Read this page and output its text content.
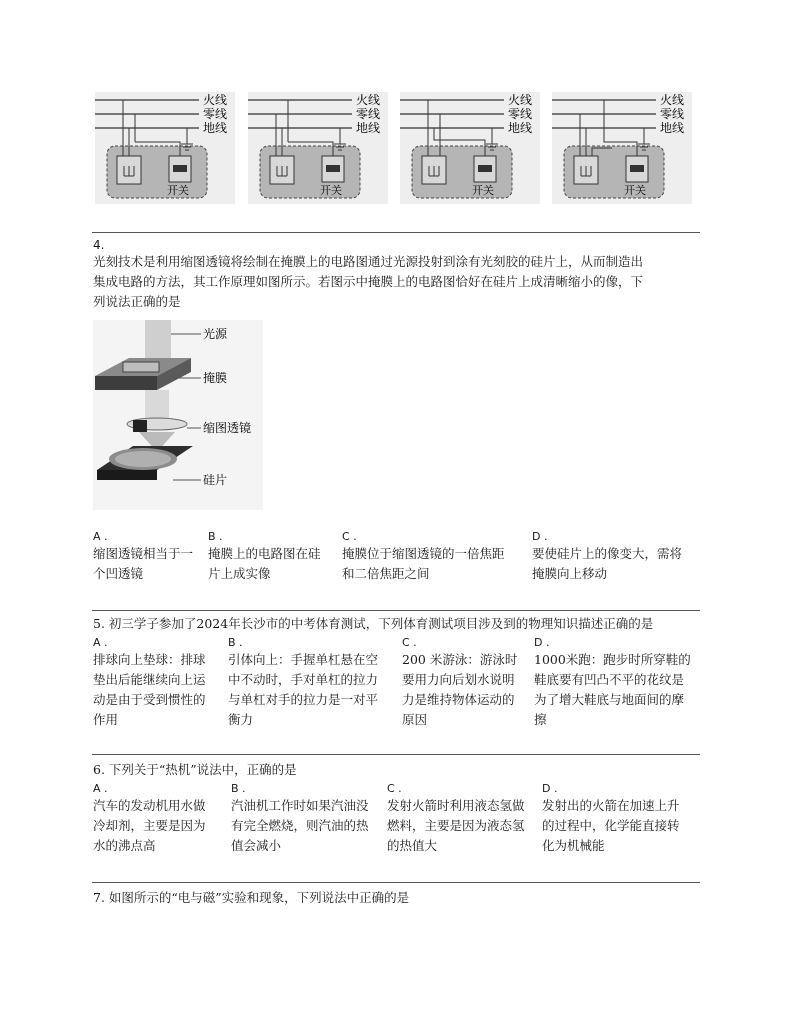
火线
零线
地线
开关
火线
零线
地线
开关
火线
零线
地线
开关
火线
零线
地线
开关
4.
光刻技术是利用缩图透镜将绘制在掩膜上的电路图通过光源投射到涂有光刻胶的硅片上，从而制造出
集成电路的方法，其工作原理如图所示。若图示中掩膜上的电路图恰好在硅片上成清晰缩小的像，下
列说法正确的是
光源
掩膜
缩图透镜
硅片
A .
缩图透镜相当于一
个凹透镜
B .
掩膜上的电路图在硅
片上成实像
C .
掩膜位于缩图透镜的一倍焦距
和二倍焦距之间
D .
要使硅片上的像变大，需将
掩膜向上移动
5. 初三学子参加了2024年长沙市的中考体育测试，下列体育测试项目涉及到的物理知识描述正确的是
A .
排球向上垫球：排球
垫出后能继续向上运
动是由于受到惯性的
作用
B .
引体向上：手握单杠悬在空
中不动时，手对单杠的拉力
与单杠对手的拉力是一对平
衡力
C .
200 米游泳：游泳时
要用力向后划水说明
力是维持物体运动的
原因
D .
1000米跑：跑步时所穿鞋的
鞋底要有凹凸不平的花纹是
为了增大鞋底与地面间的摩
擦
6. 下列关于“热机”说法中，正确的是
A .
汽车的发动机用水做
冷却剂，主要是因为
水的沸点高
B .
汽油机工作时如果汽油没
有完全燃烧，则汽油的热
值会减小
C .
发射火箭时利用液态氢做
燃料，主要是因为液态氢
的热值大
D .
发射出的火箭在加速上升
的过程中，化学能直接转
化为机械能
7. 如图所示的“电与磁”实验和现象，下列说法中正确的是
